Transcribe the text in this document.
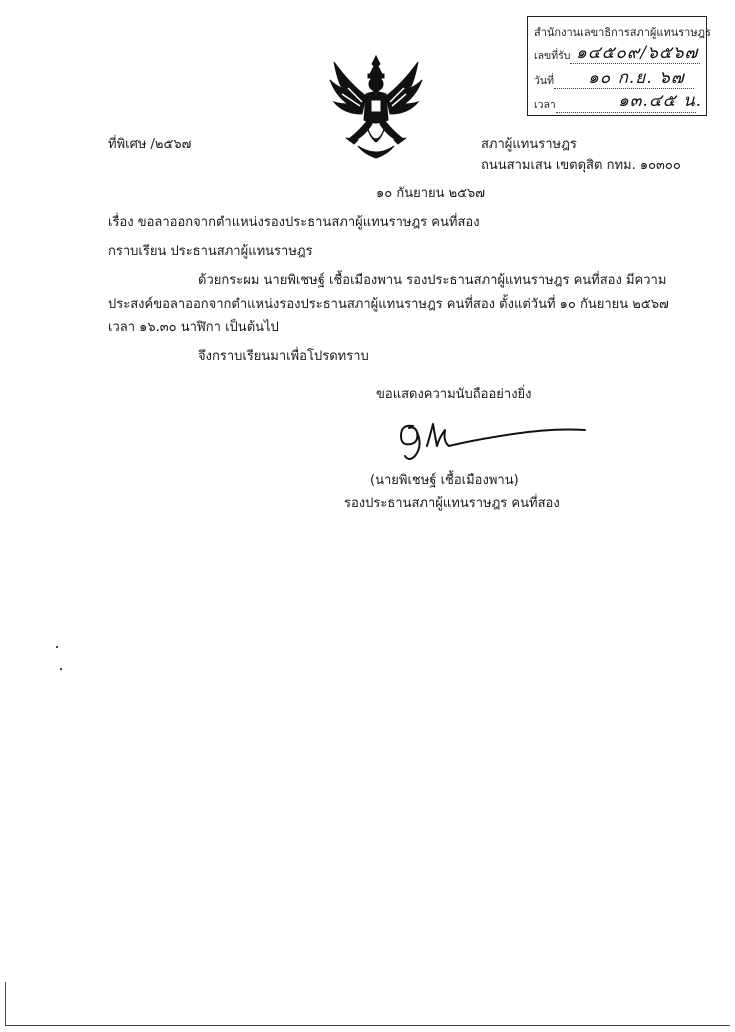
สำนักงานเลขาธิการสภาผู้แทนราษฎร
เลขที่รับ ๑๔๕๐๙/๖๕๖๗
วันที่	๑๐ ก.ย. ๖๗
เวลา	๑๓.๔๕ น.
ที่พิเศษ /๒๕๖๗	สภาผู้แทนราษฎร
ถนนสามเสน เขตดุสิต กทม. ๑๐๓๐๐
๑๐ กันยายน ๒๕๖๗
เรื่อง ขอลาออกจากตำแหน่งรองประธานสภาผู้แทนราษฎร คนที่สอง
กราบเรียน ประธานสภาผู้แทนราษฎร
ด้วยกระผม นายพิเชษฐ์ เชื้อเมืองพาน รองประธานสภาผู้แทนราษฎร คนที่สอง มีความ
ประสงค์ขอลาออกจากตำแหน่งรองประธานสภาผู้แทนราษฎร คนที่สอง ตั้งแต่วันที่ ๑๐ กันยายน ๒๕๖๗
เวลา ๑๖.๓๐ นาฬิกา เป็นต้นไป
จึงกราบเรียนมาเพื่อโปรดทราบ
ขอแสดงความนับถืออย่างยิ่ง
(นายพิเชษฐ์ เชื้อเมืองพาน)
รองประธานสภาผู้แทนราษฎร คนที่สอง
